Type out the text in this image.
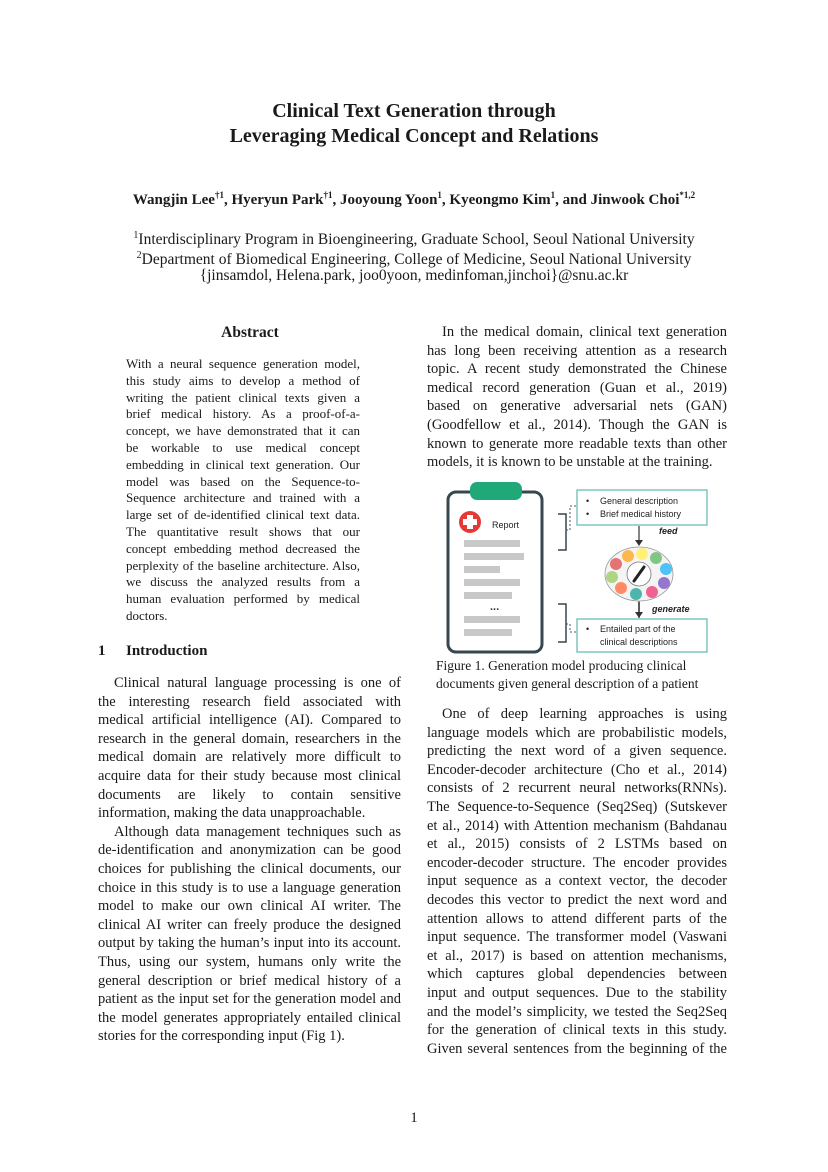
Clinical Text Generation through
Leveraging Medical Concept and Relations
Wangjin Lee$^{\dagger 1}$, Hyeryun Park$^{\dagger 1}$, Jooyoung Yoon$^1$, Kyeongmo Kim$^1$, and Jinwook Choi$^{*1,2}$
$^1$Interdisciplinary Program in Bioengineering, Graduate School, Seoul National University
$^2$Department of Biomedical Engineering, College of Medicine, Seoul National University
{jinsamdol, Helena.park, joo0yoon, medinfoman,jinchoi}@snu.ac.kr
Abstract
With a neural sequence generation model,
this study aims to develop a method of
writing the patient clinical texts given a
brief medical history. As a proof-of-a-
concept, we have demonstrated that it can
be workable to use medical concept
embedding in clinical text generation. Our
model was based on the Sequence-to-
Sequence architecture and trained with a
large set of de-identified clinical text data.
The quantitative result shows that our
concept embedding method decreased the
perplexity of the baseline architecture. Also,
we discuss the analyzed results from a
human evaluation performed by medical
doctors.
1 Introduction
Clinical natural language processing is one of
the interesting research field associated with
medical artificial intelligence (AI). Compared to
research in the general domain, researchers in the
medical domain are relatively more difficult to
acquire data for their study because most clinical
documents are likely to contain sensitive
information, making the data unapproachable.
Although data management techniques such as
de-identification and anonymization can be good
choices for publishing the clinical documents, our
choice in this study is to use a language generation
model to make our own clinical AI writer. The
clinical AI writer can freely produce the designed
output by taking the human’s input into its account.
Thus, using our system, humans only write the
general description or brief medical history of a
patient as the input set for the generation model and
the model generates appropriately entailed clinical
stories for the corresponding input (Fig 1).
In the medical domain, clinical text generation
has long been receiving attention as a research
topic. A recent study demonstrated the Chinese
medical record generation (Guan et al., 2019)
based on generative adversarial nets (GAN)
(Goodfellow et al., 2014). Though the GAN is
known to generate more readable texts than other
models, it is known to be unstable at the training.
Report
...
• General description
• Brief medical history
feed
generate
• Entailed part of the
clinical descriptions
Figure 1. Generation model producing clinical
documents given general description of a patient
One of deep learning approaches is using
language models which are probabilistic models,
predicting the next word of a given sequence.
Encoder-decoder architecture (Cho et al., 2014)
consists of 2 recurrent neural networks(RNNs).
The Sequence-to-Sequence (Seq2Seq) (Sutskever
et al., 2014) with Attention mechanism (Bahdanau
et al., 2015) consists of 2 LSTMs based on
encoder-decoder structure. The encoder provides
input sequence as a context vector, the decoder
decodes this vector to predict the next word and
attention allows to attend different parts of the
input sequence. The transformer model (Vaswani
et al., 2017) is based on attention mechanisms,
which captures global dependencies between
input and output sequences. Due to the stability
and the model’s simplicity, we tested the Seq2Seq
for the generation of clinical texts in this study.
Given several sentences from the beginning of the
1
